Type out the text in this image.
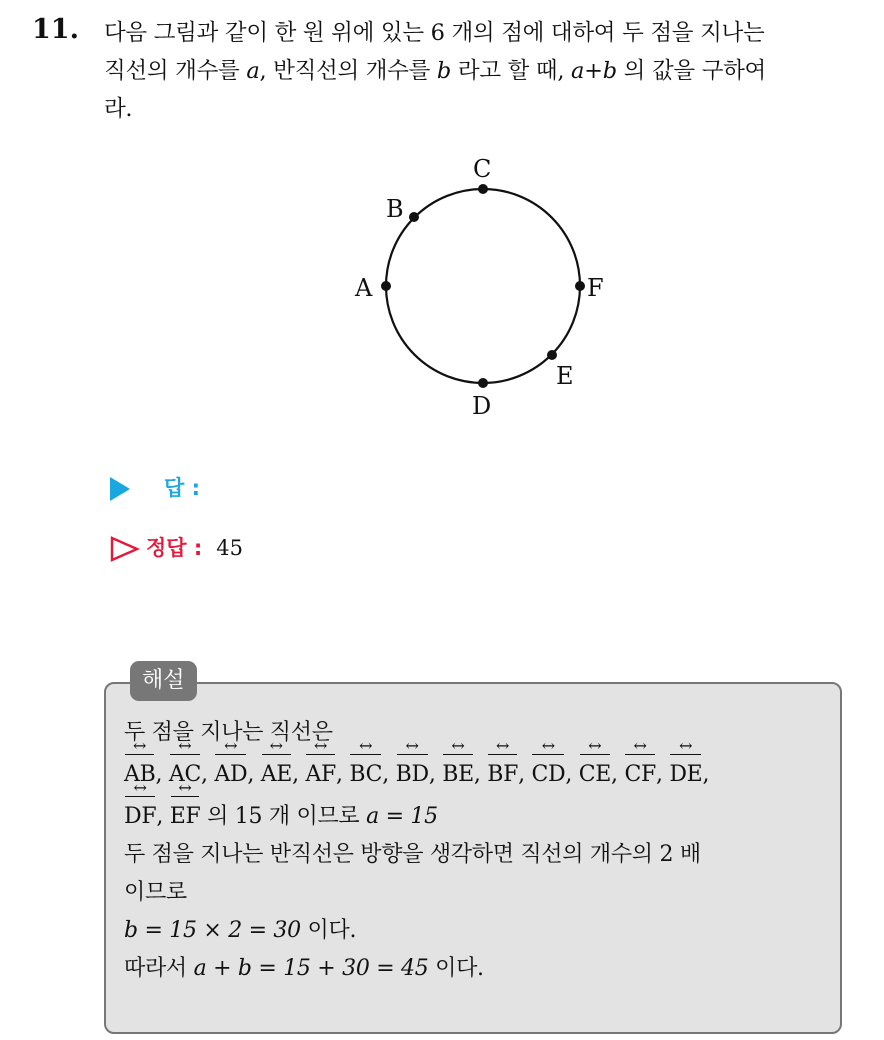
11. 다음 그림과 같이 한 원 위에 있는 6 개의 점에 대하여 두 점을 지나는
직선의 개수를 a, 반직선의 개수를 b 라고 할 때, a+b 의 값을 구하여
라.
A
B
C
D
E
F
답 :
정답 : 45
해설
두 점을 지나는 직선은
AB ↔, AC ↔, AD ↔, AE ↔, AF ↔, BC ↔, BD ↔, BE ↔, BF ↔, CD ↔, CE ↔, CF ↔, DE ↔,
DF ↔, EF ↔ 의 15 개 이므로 a = 15
두 점을 지나는 반직선은 방향을 생각하면 직선의 개수의 2 배
이므로
b = 15 × 2 = 30 이다.
따라서 a + b = 15 + 30 = 45 이다.
